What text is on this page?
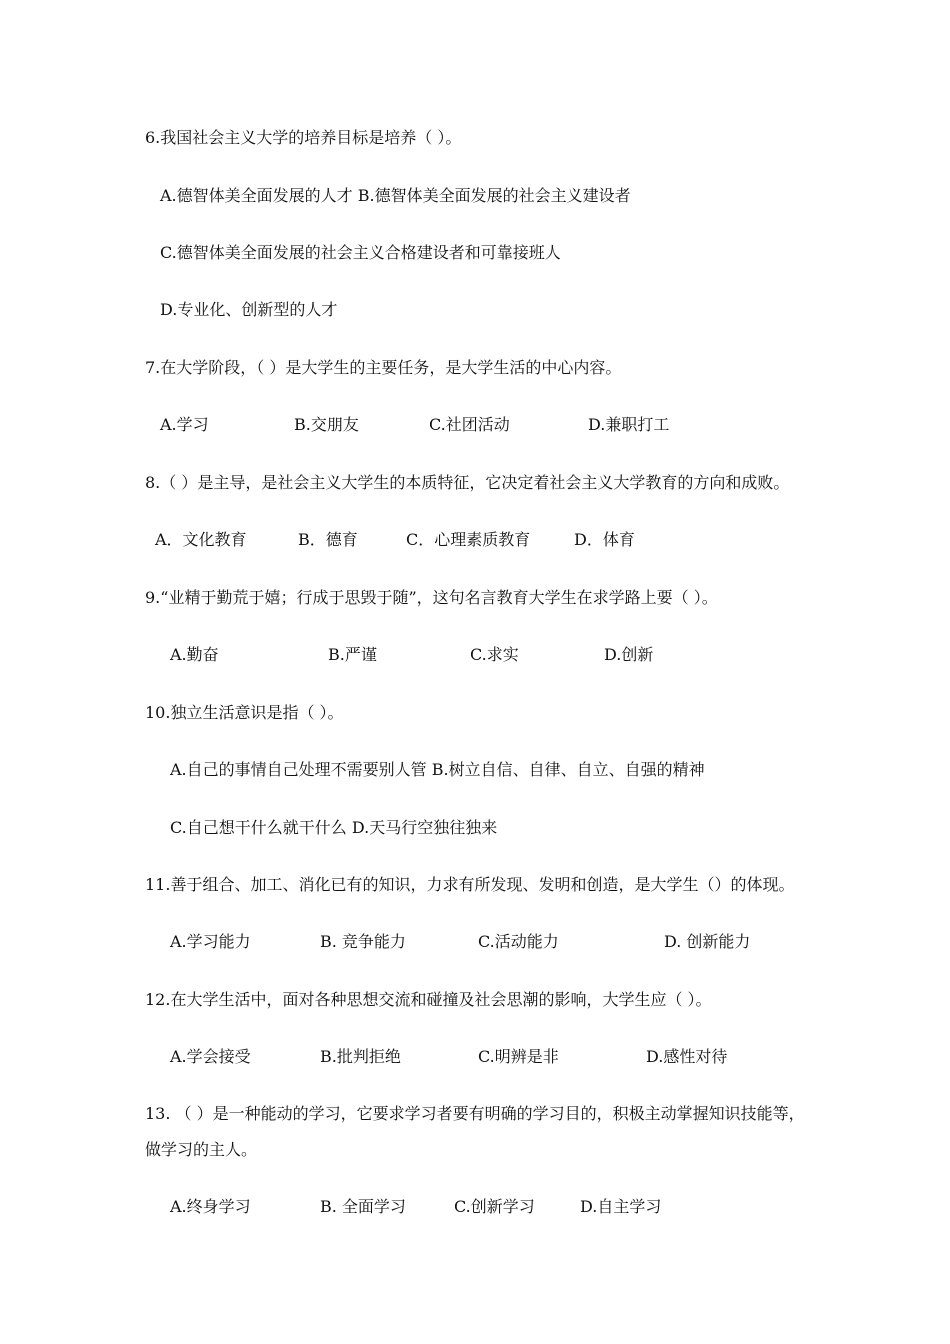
6.我国社会主义大学的培养目标是培养（ ）。
A.德智体美全面发展的人才 B.德智体美全面发展的社会主义建设者
C.德智体美全面发展的社会主义合格建设者和可靠接班人
D.专业化、创新型的人才
7.在大学阶段，（ ）是大学生的主要任务，是大学生活的中心内容。
A.学习	B.交朋友	C.社团活动	D.兼职打工
8.（ ）是主导，是社会主义大学生的本质特征，它决定着社会主义大学教育的方向和成败。
A．文化教育	B．德育	C．心理素质教育	D．体育
9.“业精于勤荒于嬉；行成于思毁于随”，这句名言教育大学生在求学路上要（ ）。
A.勤奋	B.严谨	C.求实	D.创新
10.独立生活意识是指（ ）。
A.自己的事情自己处理不需要别人管 B.树立自信、自律、自立、自强的精神
C.自己想干什么就干什么 D.天马行空独往独来
11.善于组合、加工、消化已有的知识，力求有所发现、发明和创造，是大学生（）的体现。
A.学习能力	B. 竞争能力	C.活动能力	D. 创新能力
12.在大学生活中，面对各种思想交流和碰撞及社会思潮的影响，大学生应（ ）。
A.学会接受	B.批判拒绝	C.明辨是非	D.感性对待
13. （ ）是一种能动的学习，它要求学习者要有明确的学习目的，积极主动掌握知识技能等，做学习的主人。
A.终身学习	B. 全面学习	C.创新学习	D.自主学习
